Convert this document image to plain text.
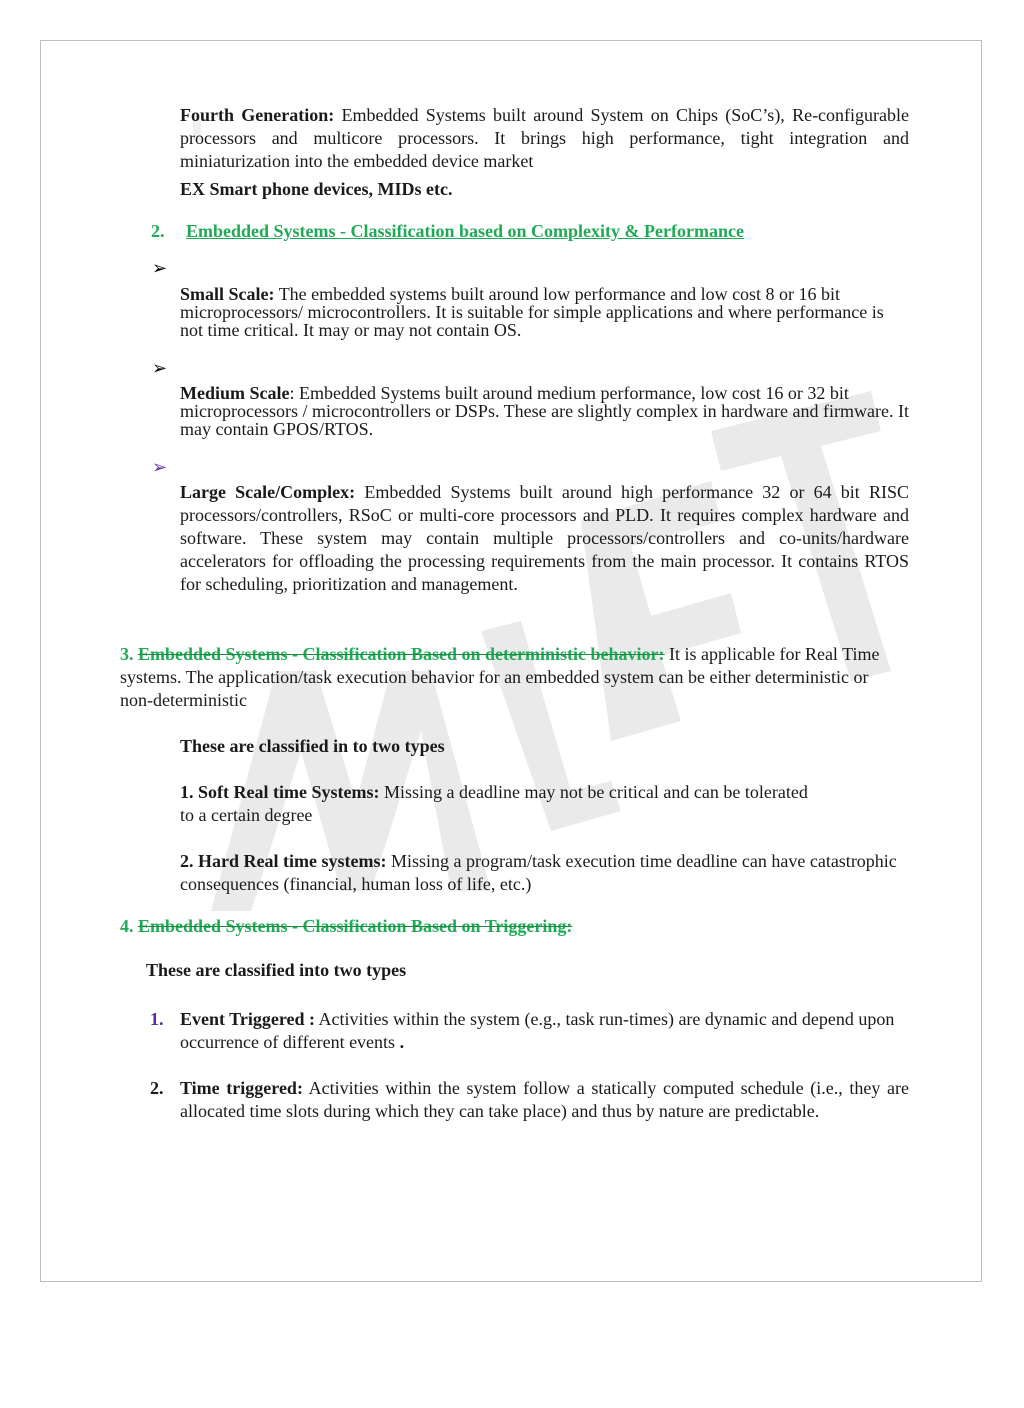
Fourth Generation: Embedded Systems built around System on Chips (SoC’s), Re-configurable processors and multicore processors. It brings high performance, tight integration and miniaturization into the embedded device market

EX Smart phone devices, MIDs etc.

2. Embedded Systems - Classification based on Complexity & Performance

➢

Small Scale: The embedded systems built around low performance and low cost 8 or 16 bit microprocessors/ microcontrollers. It is suitable for simple applications and where performance is not time critical. It may or may not contain OS.

➢

Medium Scale: Embedded Systems built around medium performance, low cost 16 or 32 bit microprocessors / microcontrollers or DSPs. These are slightly complex in hardware and firmware. It may contain GPOS/RTOS.

➢

Large Scale/Complex: Embedded Systems built around high performance 32 or 64 bit RISC processors/controllers, RSoC or multi-core processors and PLD. It requires complex hardware and software. These system may contain multiple processors/controllers and co-units/hardware accelerators for offloading the processing requirements from the main processor. It contains RTOS for scheduling, prioritization and management.

3. Embedded Systems - Classification Based on deterministic behavior: It is applicable for Real Time systems. The application/task execution behavior for an embedded system can be either deterministic or non-deterministic

These are classified in to two types

1. Soft Real time Systems: Missing a deadline may not be critical and can be tolerated to a certain degree

2. Hard Real time systems: Missing a program/task execution time deadline can have catastrophic consequences (financial, human loss of life, etc.)

4. Embedded Systems - Classification Based on Triggering:

These are classified into two types

1. Event Triggered : Activities within the system (e.g., task run-times) are dynamic and depend upon occurrence of different events .

2. Time triggered: Activities within the system follow a statically computed schedule (i.e., they are allocated time slots during which they can take place) and thus by nature are predictable.
